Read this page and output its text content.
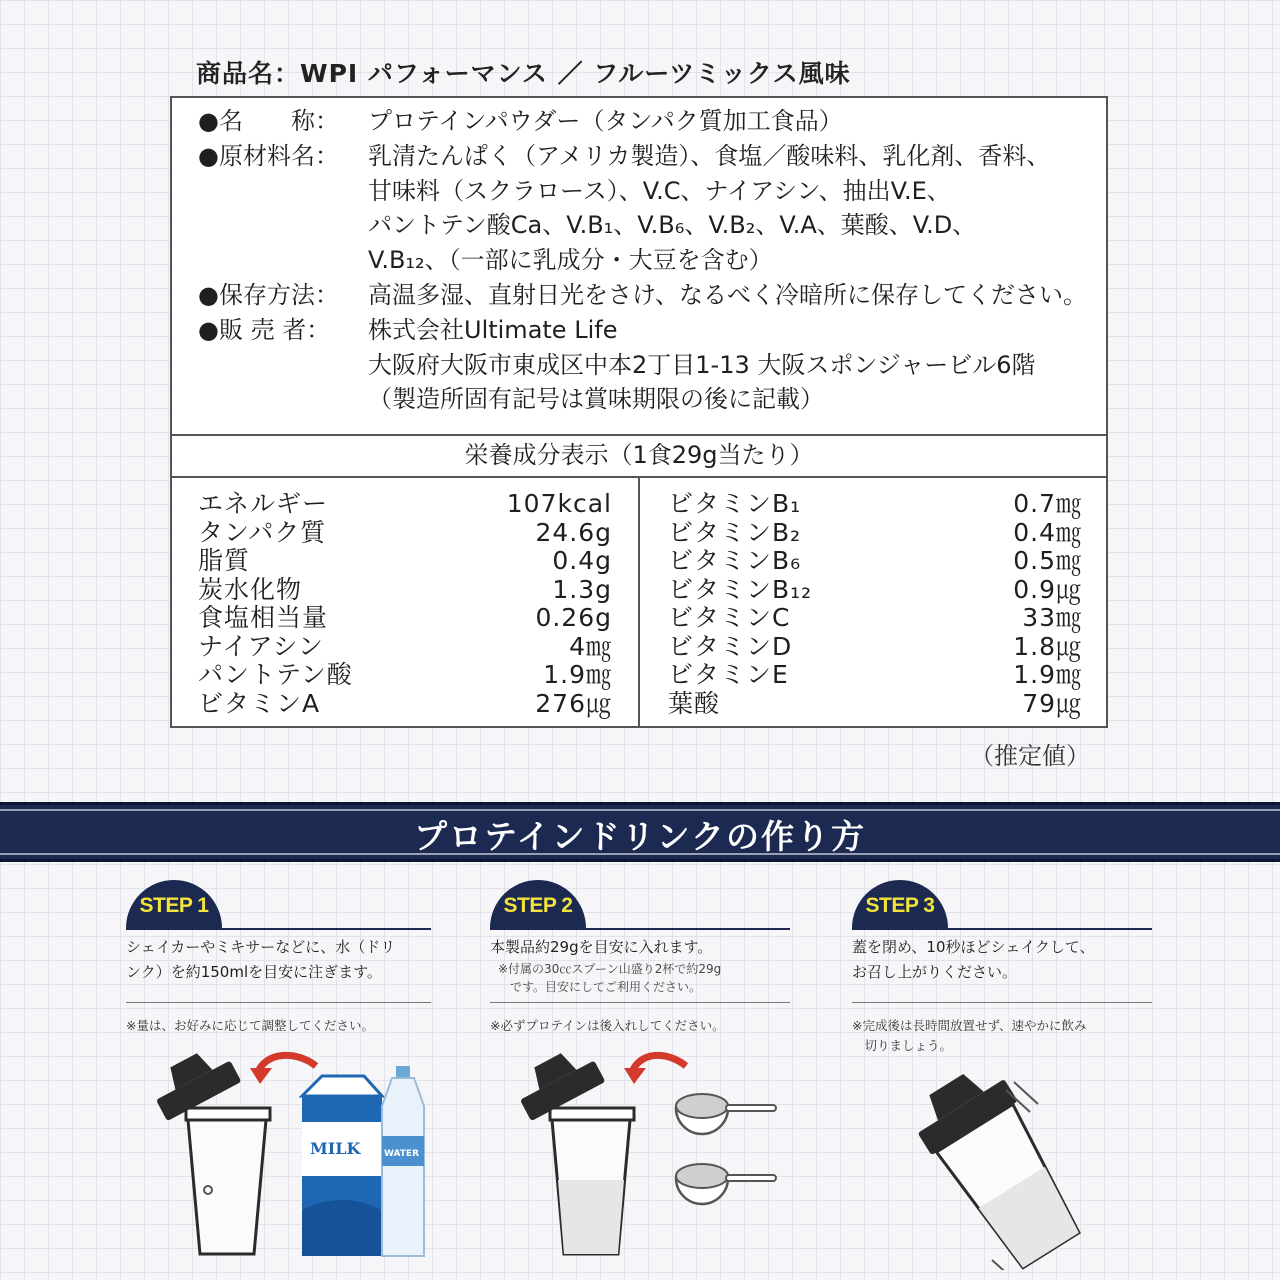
商品名：WPI パフォーマンス ／ フルーツミックス風味
●名　　称：	プロテインパウダー（タンパク質加工食品）
●原材料名：	乳清たんぱく（アメリカ製造）、食塩／酸味料、乳化剤、香料、
甘味料（スクラロース）、V.C、ナイアシン、抽出V.E、
パントテン酸Ca、V.B₁、V.B₆、V.B₂、V.A、葉酸、V.D、
V.B₁₂、（一部に乳成分・大豆を含む）
●保存方法：	高温多湿、直射日光をさけ、なるべく冷暗所に保存してください。
●販 売 者：	株式会社Ultimate Life
大阪府大阪市東成区中本2丁目1-13 大阪スポンジャービル6階
（製造所固有記号は賞味期限の後に記載）
栄養成分表示（1食29g当たり）
エネルギー	107kcal
タンパク質	24.6g
脂質	0.4g
炭水化物	1.3g
食塩相当量	0.26g
ナイアシン	4㎎
パントテン酸	1.9㎎
ビタミンA	276㎍
ビタミンB₁	0.7㎎
ビタミンB₂	0.4㎎
ビタミンB₆	0.5㎎
ビタミンB₁₂	0.9㎍
ビタミンC	33㎎
ビタミンD	1.8㎍
ビタミンE	1.9㎎
葉酸	79㎍
（推定値）
プロテインドリンクの作り方
STEP 1
シェイカーやミキサーなどに、水（ドリ
ンク）を約150mlを目安に注ぎます。
※量は、お好みに応じて調整してください。
MILK	WATER
STEP 2
本製品約29gを目安に入れます。
※付属の30㏄スプーン山盛り2杯で約29g
　です。目安にしてご利用ください。
※必ずプロテインは後入れしてください。
STEP 3
蓋を閉め、10秒ほどシェイクして、
お召し上がりください。
※完成後は長時間放置せず、速やかに飲み
　切りましょう。
